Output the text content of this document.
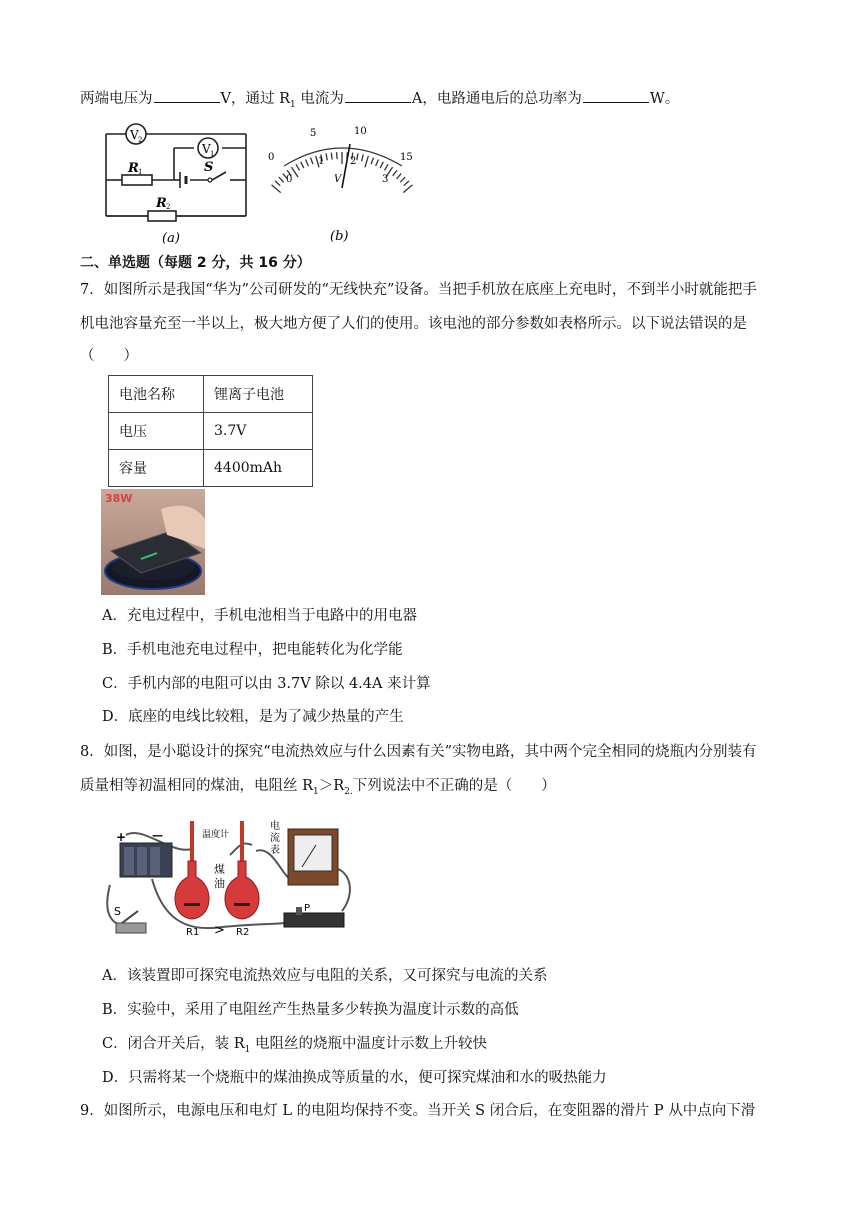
两端电压为	V，通过 $R_1$ 电流为	A，电路通电后的总功率为	W。
V 2
V 1
R 1	S
R 2
(a)
0
5	10
15
0
1	2
3
V
(b)
二、单选题（每题 2 分，共 16 分）
7．如图所示是我国“华为”公司研发的“无线快充”设备。当把手机放在底座上充电时，不到半小时就能把手
机电池容量充至一半以上，极大地方便了人们的使用。该电池的部分参数如表格所示。以下说法错误的是
（　　）
电池名称	锂离子电池
电压	3.7V
容量	4400mAh
38W
A．充电过程中，手机电池相当于电路中的用电器
B．手机电池充电过程中，把电能转化为化学能
C．手机内部的电阻可以由 3.7V 除以 4.4A 来计算
D．底座的电线比较粗，是为了减少热量的产生
8．如图，是小聪设计的探究“电流热效应与什么因素有关”实物电路，其中两个完全相同的烧瓶内分别装有
质量相等初温相同的煤油，电阻丝 $R_1>R_{2.}$下列说法中不正确的是（　　）
+ —	温度计
煤
油
R1 > R2
电
流
表
P
S
A．该装置即可探究电流热效应与电阻的关系，又可探究与电流的关系
B．实验中，采用了电阻丝产生热量多少转换为温度计示数的高低
C．闭合开关后，装 $R_1$ 电阻丝的烧瓶中温度计示数上升较快
D．只需将某一个烧瓶中的煤油换成等质量的水，便可探究煤油和水的吸热能力
9．如图所示，电源电压和电灯 L 的电阻均保持不变。当开关 S 闭合后，在变阻器的滑片 P 从中点向下滑
